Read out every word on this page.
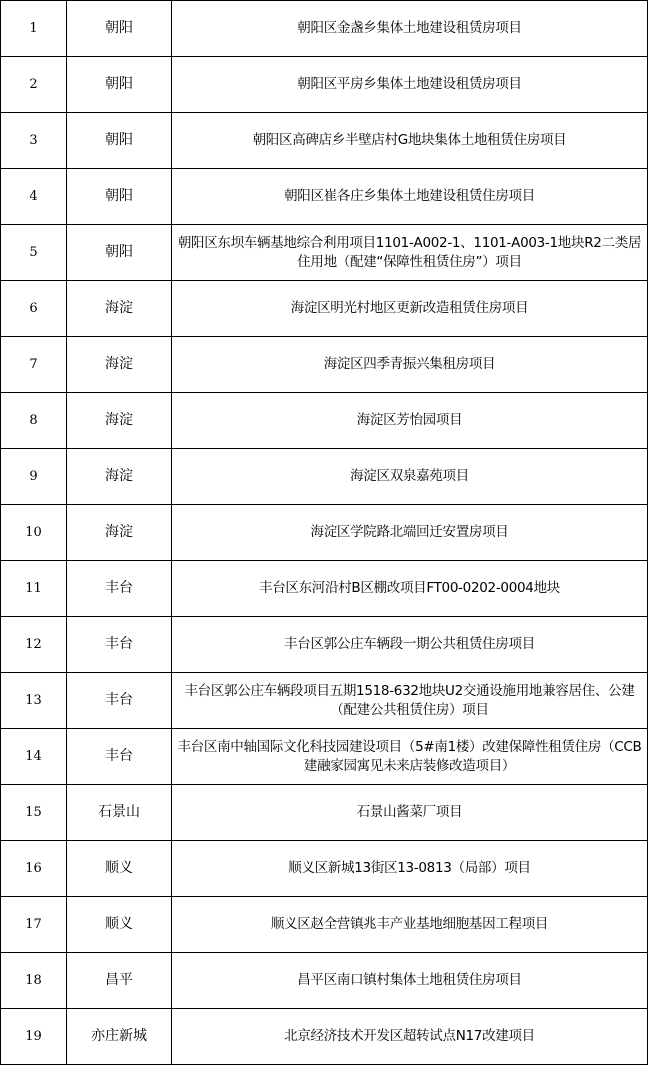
1	朝阳	朝阳区金盏乡集体土地建设租赁房项目
2	朝阳	朝阳区平房乡集体土地建设租赁房项目
3	朝阳	朝阳区高碑店乡半壁店村G地块集体土地租赁住房项目
4	朝阳	朝阳区崔各庄乡集体土地建设租赁住房项目
5	朝阳	朝阳区东坝车辆基地综合利用项目1101-A002-1、1101-A003-1地块R2二类居住用地（配建“保障性租赁住房”）项目
6	海淀	海淀区明光村地区更新改造租赁住房项目
7	海淀	海淀区四季青振兴集租房项目
8	海淀	海淀区芳怡园项目
9	海淀	海淀区双泉嘉苑项目
10	海淀	海淀区学院路北端回迁安置房项目
11	丰台	丰台区东河沿村B区棚改项目FT00-0202-0004地块
12	丰台	丰台区郭公庄车辆段一期公共租赁住房项目
13	丰台	丰台区郭公庄车辆段项目五期1518-632地块U2交通设施用地兼容居住、公建（配建公共租赁住房）项目
14	丰台	丰台区南中轴国际文化科技园建设项目（5#南1楼）改建保障性租赁住房（CCB建融家园寓见未来店装修改造项目）
15	石景山	石景山酱菜厂项目
16	顺义	顺义区新城13街区13-0813（局部）项目
17	顺义	顺义区赵全营镇兆丰产业基地细胞基因工程项目
18	昌平	昌平区南口镇村集体土地租赁住房项目
19	亦庄新城	北京经济技术开发区超转试点N17改建项目
